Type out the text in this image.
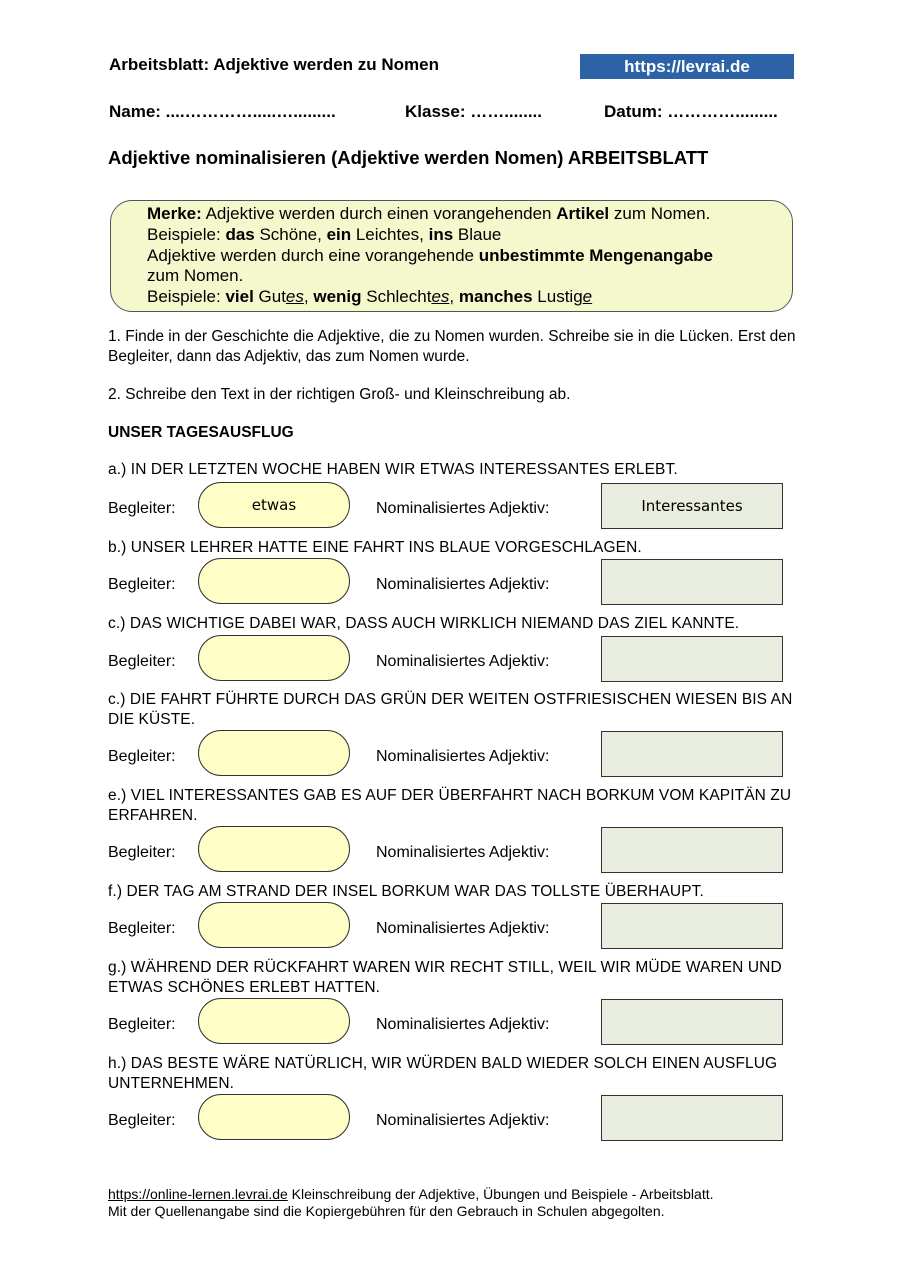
Arbeitsblatt: Adjektive werden zu Nomen	https://levrai.de
Name: ....………….....….........	Klasse: ……........	Datum: ………….........
Adjektive nominalisieren (Adjektive werden Nomen) ARBEITSBLATT
Merke: Adjektive werden durch einen vorangehenden Artikel zum Nomen.
Beispiele: das Schöne, ein Leichtes, ins Blaue
Adjektive werden durch eine vorangehende unbestimmte Mengenangabe
zum Nomen.
Beispiele: viel Gutes, wenig Schlechtes, manches Lustige
1. Finde in der Geschichte die Adjektive, die zu Nomen wurden. Schreibe sie in die Lücken. Erst den Begleiter, dann das Adjektiv, das zum Nomen wurde.
2. Schreibe den Text in der richtigen Groß- und Kleinschreibung ab.
UNSER TAGESAUSFLUG
a.) IN DER LETZTEN WOCHE HABEN WIR ETWAS INTERESSANTES ERLEBT.
Begleiter:	etwas	Nominalisiertes Adjektiv:	Interessantes
b.) UNSER LEHRER HATTE EINE FAHRT INS BLAUE VORGESCHLAGEN.
Begleiter:	Nominalisiertes Adjektiv:
c.) DAS WICHTIGE DABEI WAR, DASS AUCH WIRKLICH NIEMAND DAS ZIEL KANNTE.
Begleiter:	Nominalisiertes Adjektiv:
c.) DIE FAHRT FÜHRTE DURCH DAS GRÜN DER WEITEN OSTFRIESISCHEN WIESEN BIS AN DIE KÜSTE.
Begleiter:	Nominalisiertes Adjektiv:
e.) VIEL INTERESSANTES GAB ES AUF DER ÜBERFAHRT NACH BORKUM VOM KAPITÄN ZU ERFAHREN.
Begleiter:	Nominalisiertes Adjektiv:
f.) DER TAG AM STRAND DER INSEL BORKUM WAR DAS TOLLSTE ÜBERHAUPT.
Begleiter:	Nominalisiertes Adjektiv:
g.) WÄHREND DER RÜCKFAHRT WAREN WIR RECHT STILL, WEIL WIR MÜDE WAREN UND ETWAS SCHÖNES ERLEBT HATTEN.
Begleiter:	Nominalisiertes Adjektiv:
h.) DAS BESTE WÄRE NATÜRLICH, WIR WÜRDEN BALD WIEDER SOLCH EINEN AUSFLUG UNTERNEHMEN.
Begleiter:	Nominalisiertes Adjektiv:
https://online-lernen.levrai.de Kleinschreibung der Adjektive, Übungen und Beispiele - Arbeitsblatt.
Mit der Quellenangabe sind die Kopiergebühren für den Gebrauch in Schulen abgegolten.
